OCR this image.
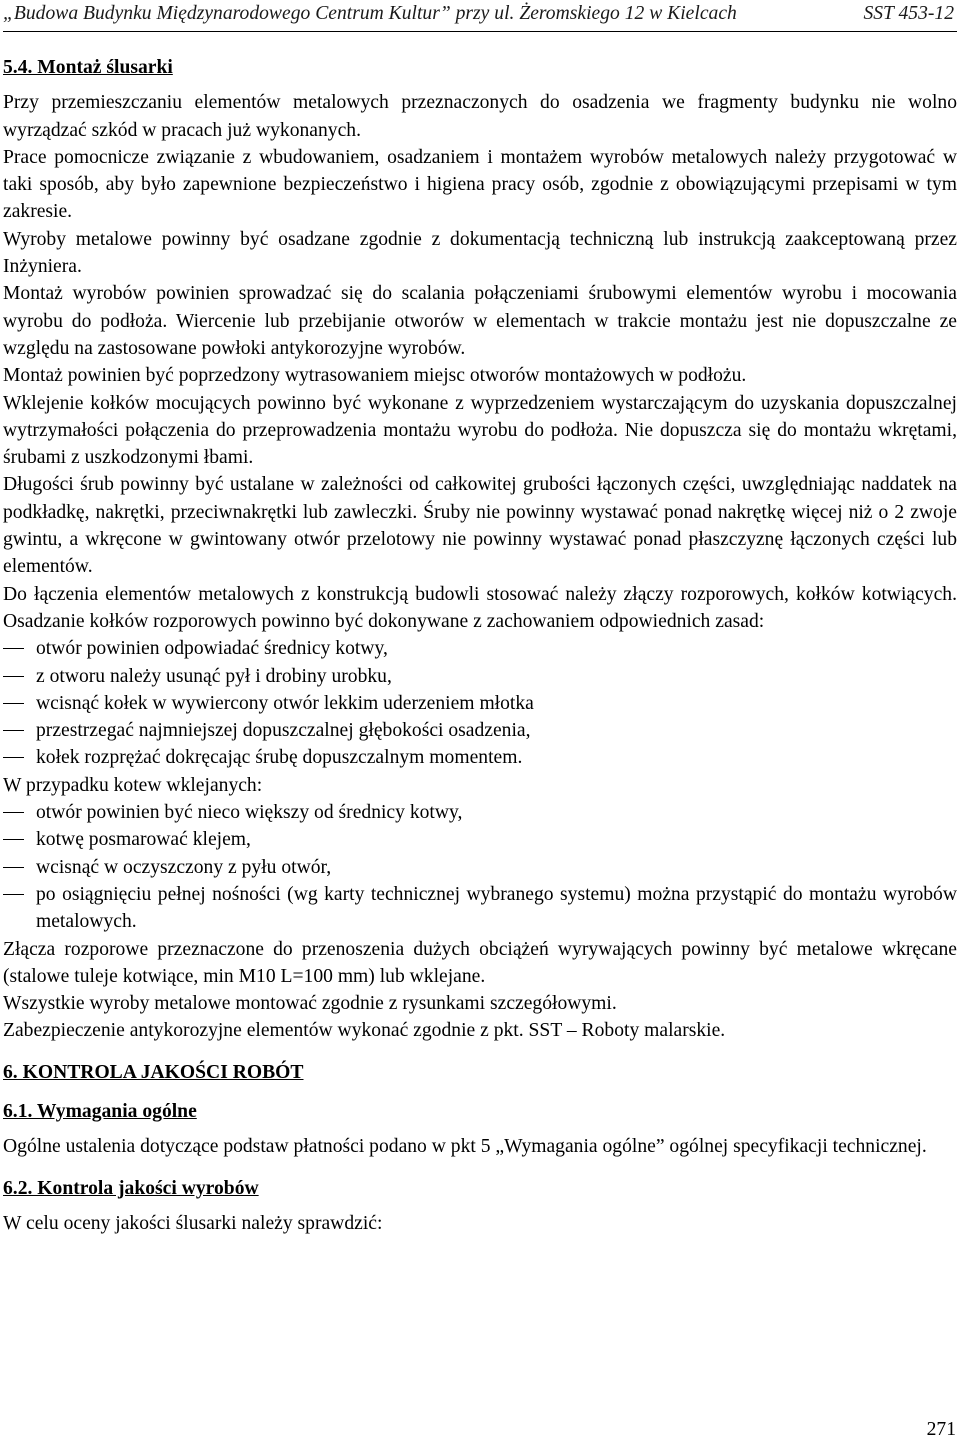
„Budowa Budynku Międzynarodowego Centrum Kultur” przy ul. Żeromskiego 12 w Kielcach	SST 453-12
5.4. Montaż ślusarki

Przy przemieszczaniu elementów metalowych przeznaczonych do osadzenia we fragmenty budynku nie wolno wyrządzać szkód w pracach już wykonanych.

Prace pomocnicze związanie z wbudowaniem, osadzaniem i montażem wyrobów metalowych należy przygotować w taki sposób, aby było zapewnione bezpieczeństwo i higiena pracy osób, zgodnie z obowiązującymi przepisami w tym zakresie.

Wyroby metalowe powinny być osadzane zgodnie z dokumentacją techniczną lub instrukcją zaakceptowaną przez Inżyniera.

Montaż wyrobów powinien sprowadzać się do scalania połączeniami śrubowymi elementów wyrobu i mocowania wyrobu do podłoża. Wiercenie lub przebijanie otworów w elementach w trakcie montażu jest nie dopuszczalne ze względu na zastosowane powłoki antykorozyjne wyrobów.

Montaż powinien być poprzedzony wytrasowaniem miejsc otworów montażowych w podłożu.

Wklejenie kołków mocujących powinno być wykonane z wyprzedzeniem wystarczającym do uzyskania dopuszczalnej wytrzymałości połączenia do przeprowadzenia montażu wyrobu do podłoża. Nie dopuszcza się do montażu wkrętami, śrubami z uszkodzonymi łbami.

Długości śrub powinny być ustalane w zależności od całkowitej grubości łączonych części, uwzględniając naddatek na podkładkę, nakrętki, przeciwnakrętki lub zawleczki. Śruby nie powinny wystawać ponad nakrętkę więcej niż o 2 zwoje gwintu, a wkręcone w gwintowany otwór przelotowy nie powinny wystawać ponad płaszczyznę łączonych części lub elementów.

Do łączenia elementów metalowych z konstrukcją budowli stosować należy złączy rozporowych, kołków kotwiących. Osadzanie kołków rozporowych powinno być dokonywane z zachowaniem odpowiednich zasad:

otwór powinien odpowiadać średnicy kotwy,
z otworu należy usunąć pył i drobiny urobku,
wcisnąć kołek w wywiercony otwór lekkim uderzeniem młotka
przestrzegać najmniejszej dopuszczalnej głębokości osadzenia,
kołek rozprężać dokręcając śrubę dopuszczalnym momentem.

W przypadku kotew wklejanych:

otwór powinien być nieco większy od średnicy kotwy,
kotwę posmarować klejem,
wcisnąć w oczyszczony z pyłu otwór,
po osiągnięciu pełnej nośności (wg karty technicznej wybranego systemu) można przystąpić do montażu wyrobów metalowych.

Złącza rozporowe przeznaczone do przenoszenia dużych obciążeń wyrywających powinny być metalowe wkręcane (stalowe tuleje kotwiące, min M10 L=100 mm) lub wklejane.

Wszystkie wyroby metalowe montować zgodnie z rysunkami szczegółowymi.

Zabezpieczenie antykorozyjne elementów wykonać zgodnie z pkt. SST – Roboty malarskie.

6. KONTROLA JAKOŚCI ROBÓT
6.1. Wymagania ogólne

Ogólne ustalenia dotyczące podstaw płatności podano w pkt 5 „Wymagania ogólne” ogólnej specyfikacji technicznej.

6.2. Kontrola jakości wyrobów

W celu oceny jakości ślusarki należy sprawdzić:

271
